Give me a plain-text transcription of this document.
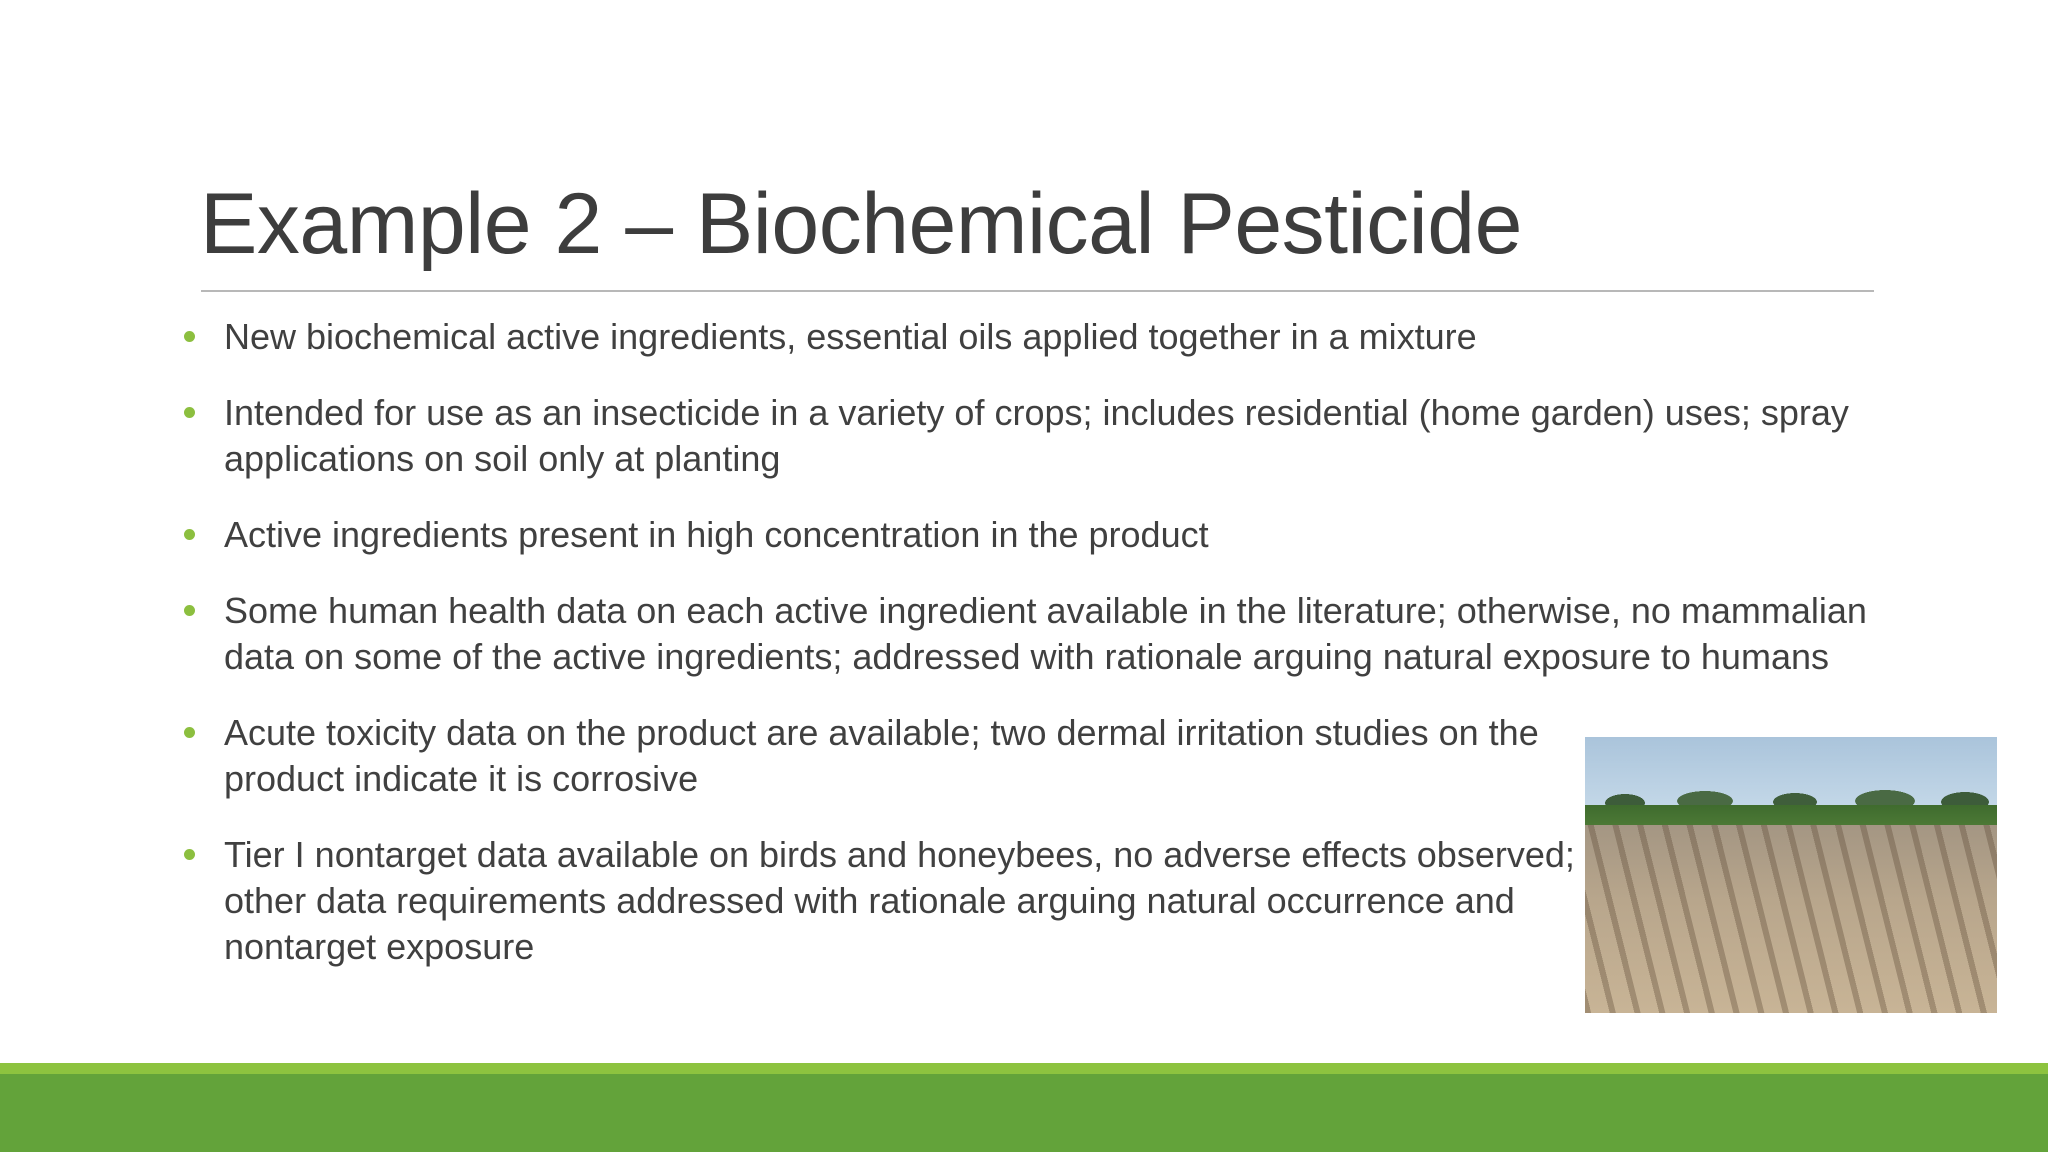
Example 2 – Biochemical Pesticide
New biochemical active ingredients, essential oils applied together in a mixture
Intended for use as an insecticide in a variety of crops; includes residential (home garden) uses; spray applications on soil only at planting
Active ingredients present in high concentration in the product
Some human health data on each active ingredient available in the literature; otherwise, no mammalian data on some of the active ingredients; addressed with rationale arguing natural exposure to humans
Acute toxicity data on the product are available; two dermal irritation studies on the product indicate it is corrosive
Tier I nontarget data available on birds and honeybees, no adverse effects observed; other data requirements addressed with rationale arguing natural occurrence and nontarget exposure
